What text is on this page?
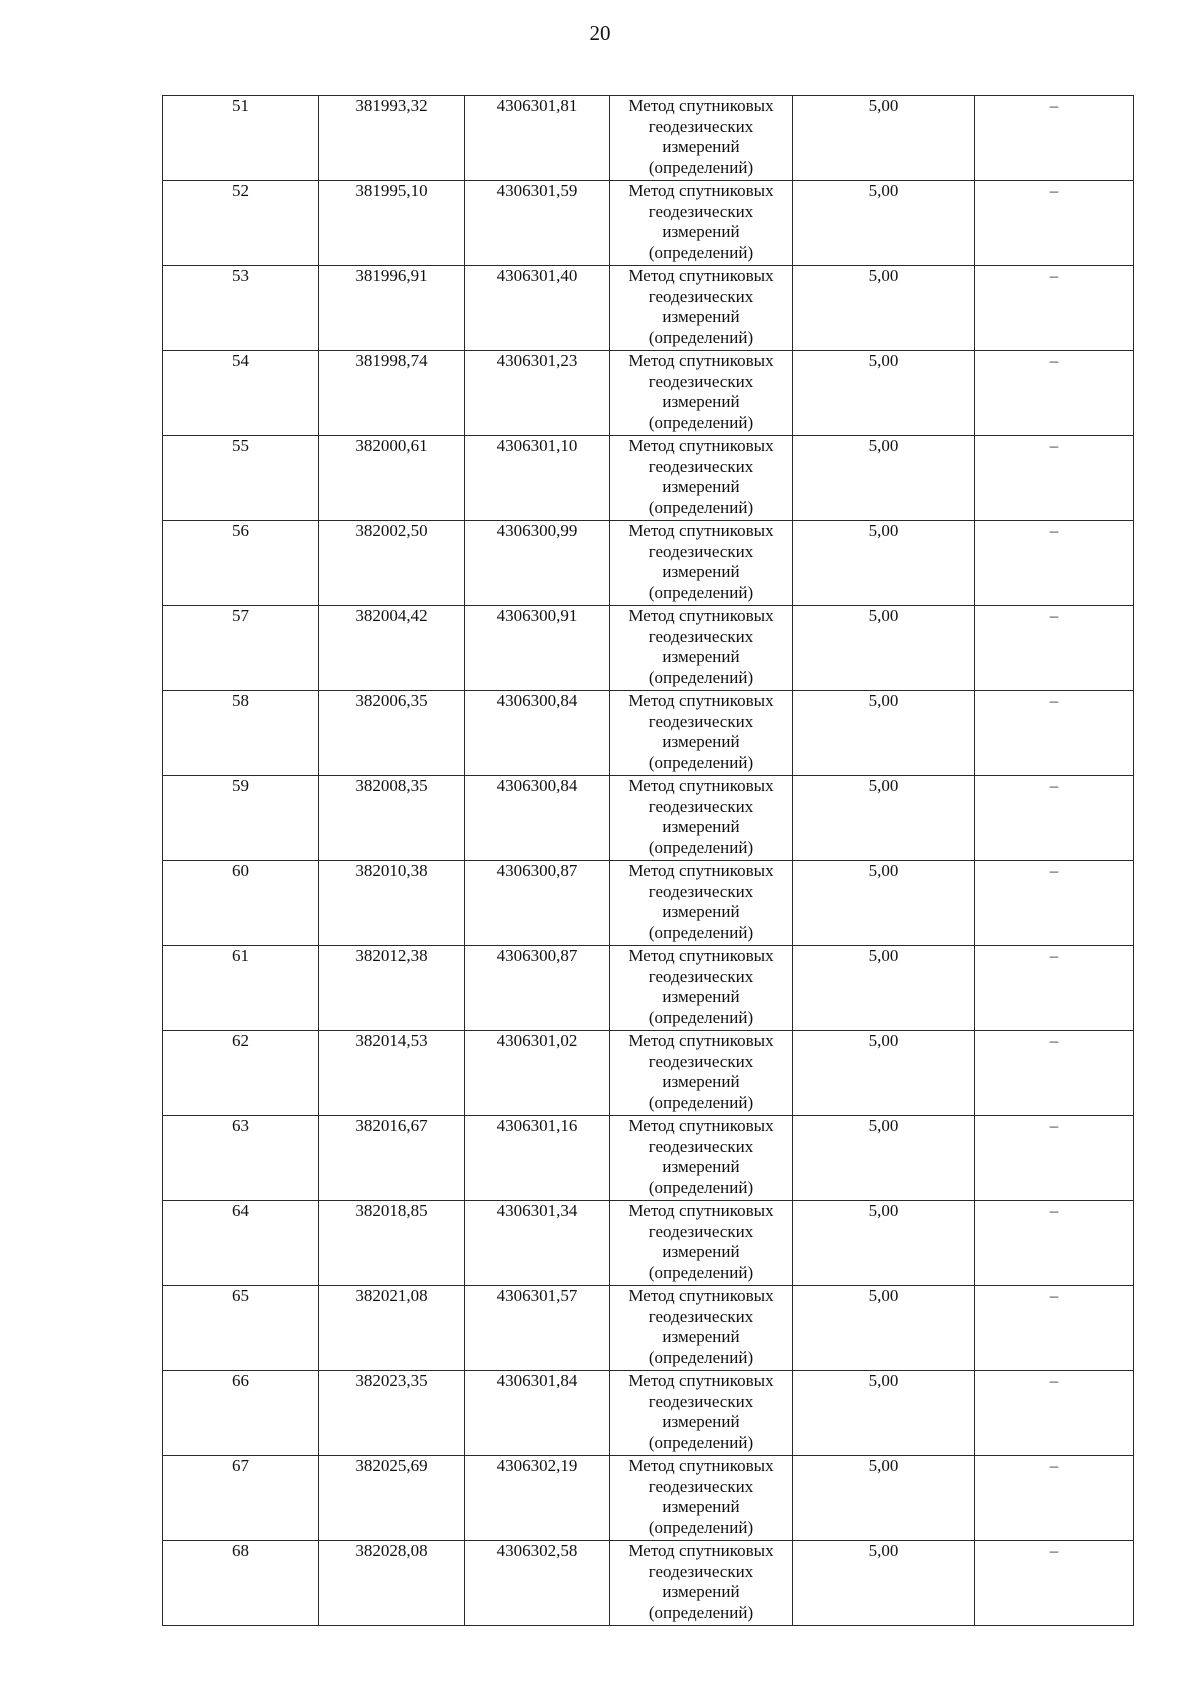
20
51	381993,32	4306301,81	Метод спутниковых геодезических измерений (определений)	5,00	–
52	381995,10	4306301,59	Метод спутниковых геодезических измерений (определений)	5,00	–
53	381996,91	4306301,40	Метод спутниковых геодезических измерений (определений)	5,00	–
54	381998,74	4306301,23	Метод спутниковых геодезических измерений (определений)	5,00	–
55	382000,61	4306301,10	Метод спутниковых геодезических измерений (определений)	5,00	–
56	382002,50	4306300,99	Метод спутниковых геодезических измерений (определений)	5,00	–
57	382004,42	4306300,91	Метод спутниковых геодезических измерений (определений)	5,00	–
58	382006,35	4306300,84	Метод спутниковых геодезических измерений (определений)	5,00	–
59	382008,35	4306300,84	Метод спутниковых геодезических измерений (определений)	5,00	–
60	382010,38	4306300,87	Метод спутниковых геодезических измерений (определений)	5,00	–
61	382012,38	4306300,87	Метод спутниковых геодезических измерений (определений)	5,00	–
62	382014,53	4306301,02	Метод спутниковых геодезических измерений (определений)	5,00	–
63	382016,67	4306301,16	Метод спутниковых геодезических измерений (определений)	5,00	–
64	382018,85	4306301,34	Метод спутниковых геодезических измерений (определений)	5,00	–
65	382021,08	4306301,57	Метод спутниковых геодезических измерений (определений)	5,00	–
66	382023,35	4306301,84	Метод спутниковых геодезических измерений (определений)	5,00	–
67	382025,69	4306302,19	Метод спутниковых геодезических измерений (определений)	5,00	–
68	382028,08	4306302,58	Метод спутниковых геодезических измерений (определений)	5,00	–
